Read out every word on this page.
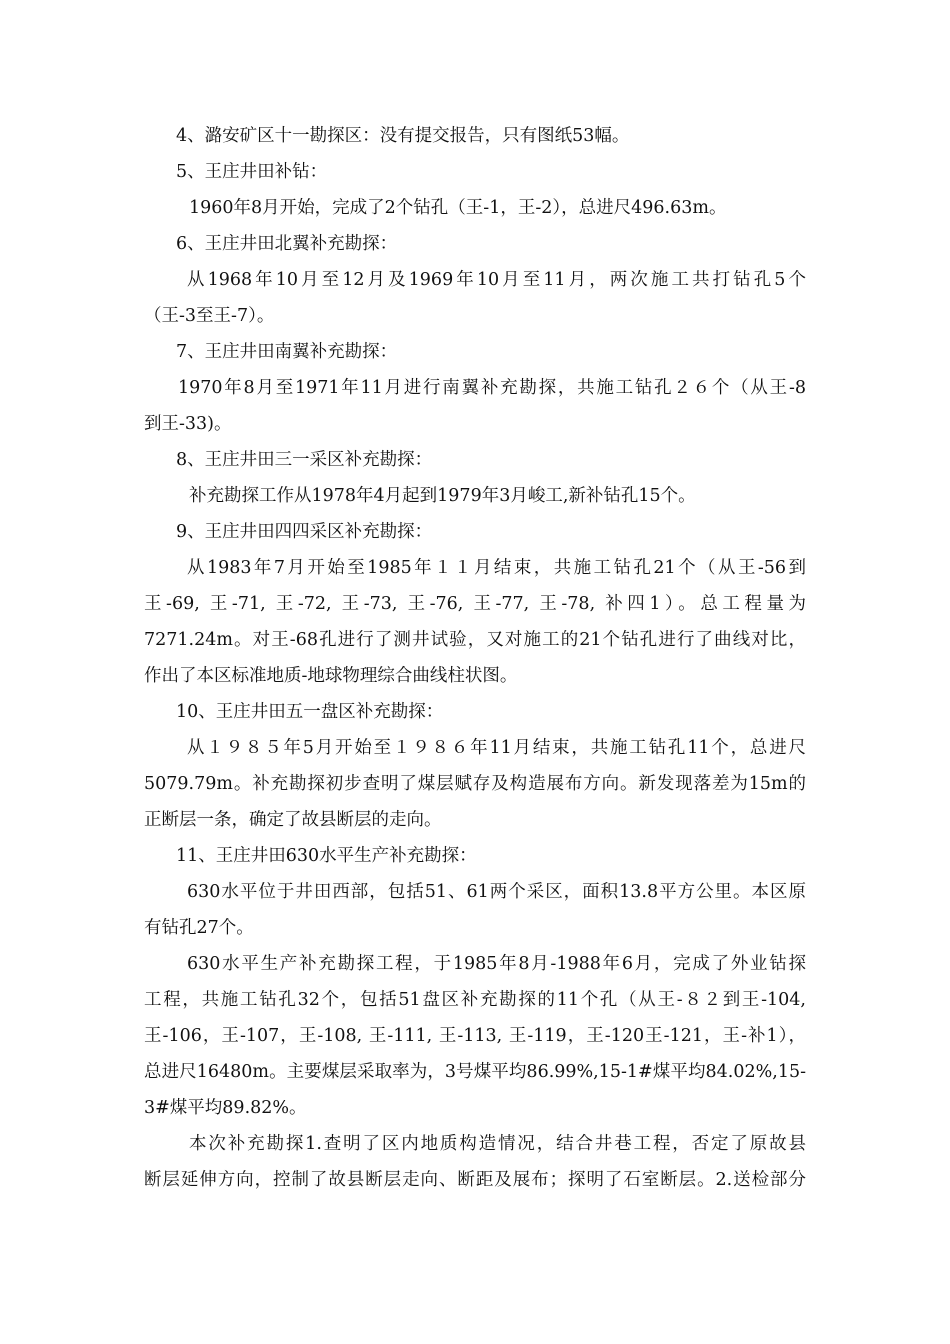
4、潞安矿区十一勘探区：没有提交报告，只有图纸53幅。
5、王庄井田补钻：
1960年8月开始，完成了2个钻孔（王-1，王-2），总进尺496.63m。
6、王庄井田北翼补充勘探：
从1968年10月至12月及1969年10月至11月，两次施工共打钻孔5个
（王-3至王-7）。
7、王庄井田南翼补充勘探：
1970年8月至1971年11月进行南翼补充勘探，共施工钻孔２６个（从王-8
到王-33)。
8、王庄井田三一采区补充勘探：
补充勘探工作从1978年4月起到1979年3月峻工,新补钻孔15个。
9、王庄井田四四采区补充勘探：
从1983年7月开始至1985年１１月结束，共施工钻孔21个（从王-56到
王-69, 王-71, 王-72, 王-73, 王-76, 王-77, 王-78, 补四1）。总工程量为
7271.24m。对王-68孔进行了测井试验，又对施工的21个钻孔进行了曲线对比，
作出了本区标准地质-地球物理综合曲线柱状图。
10、王庄井田五一盘区补充勘探：
从１９８５年5月开始至１９８６年11月结束，共施工钻孔11个，总进尺
5079.79m。补充勘探初步查明了煤层赋存及构造展布方向。新发现落差为15m的
正断层一条，确定了故县断层的走向。
11、王庄井田630水平生产补充勘探：
630水平位于井田西部，包括51、61两个采区，面积13.8平方公里。本区原
有钻孔27个。
630水平生产补充勘探工程，于1985年8月-1988年6月，完成了外业钻探
工程，共施工钻孔32个，包括51盘区补充勘探的11个孔（从王-８２到王-104,
王-106，王-107，王-108, 王-111, 王-113, 王-119，王-120王-121，王-补1），
总进尺16480m。主要煤层采取率为，3号煤平均86.99%,15-1#煤平均84.02%,15-
3#煤平均89.82%。
本次补充勘探1.查明了区内地质构造情况，结合井巷工程，否定了原故县
断层延伸方向，控制了故县断层走向、断距及展布；探明了石室断层。2.送检部分
